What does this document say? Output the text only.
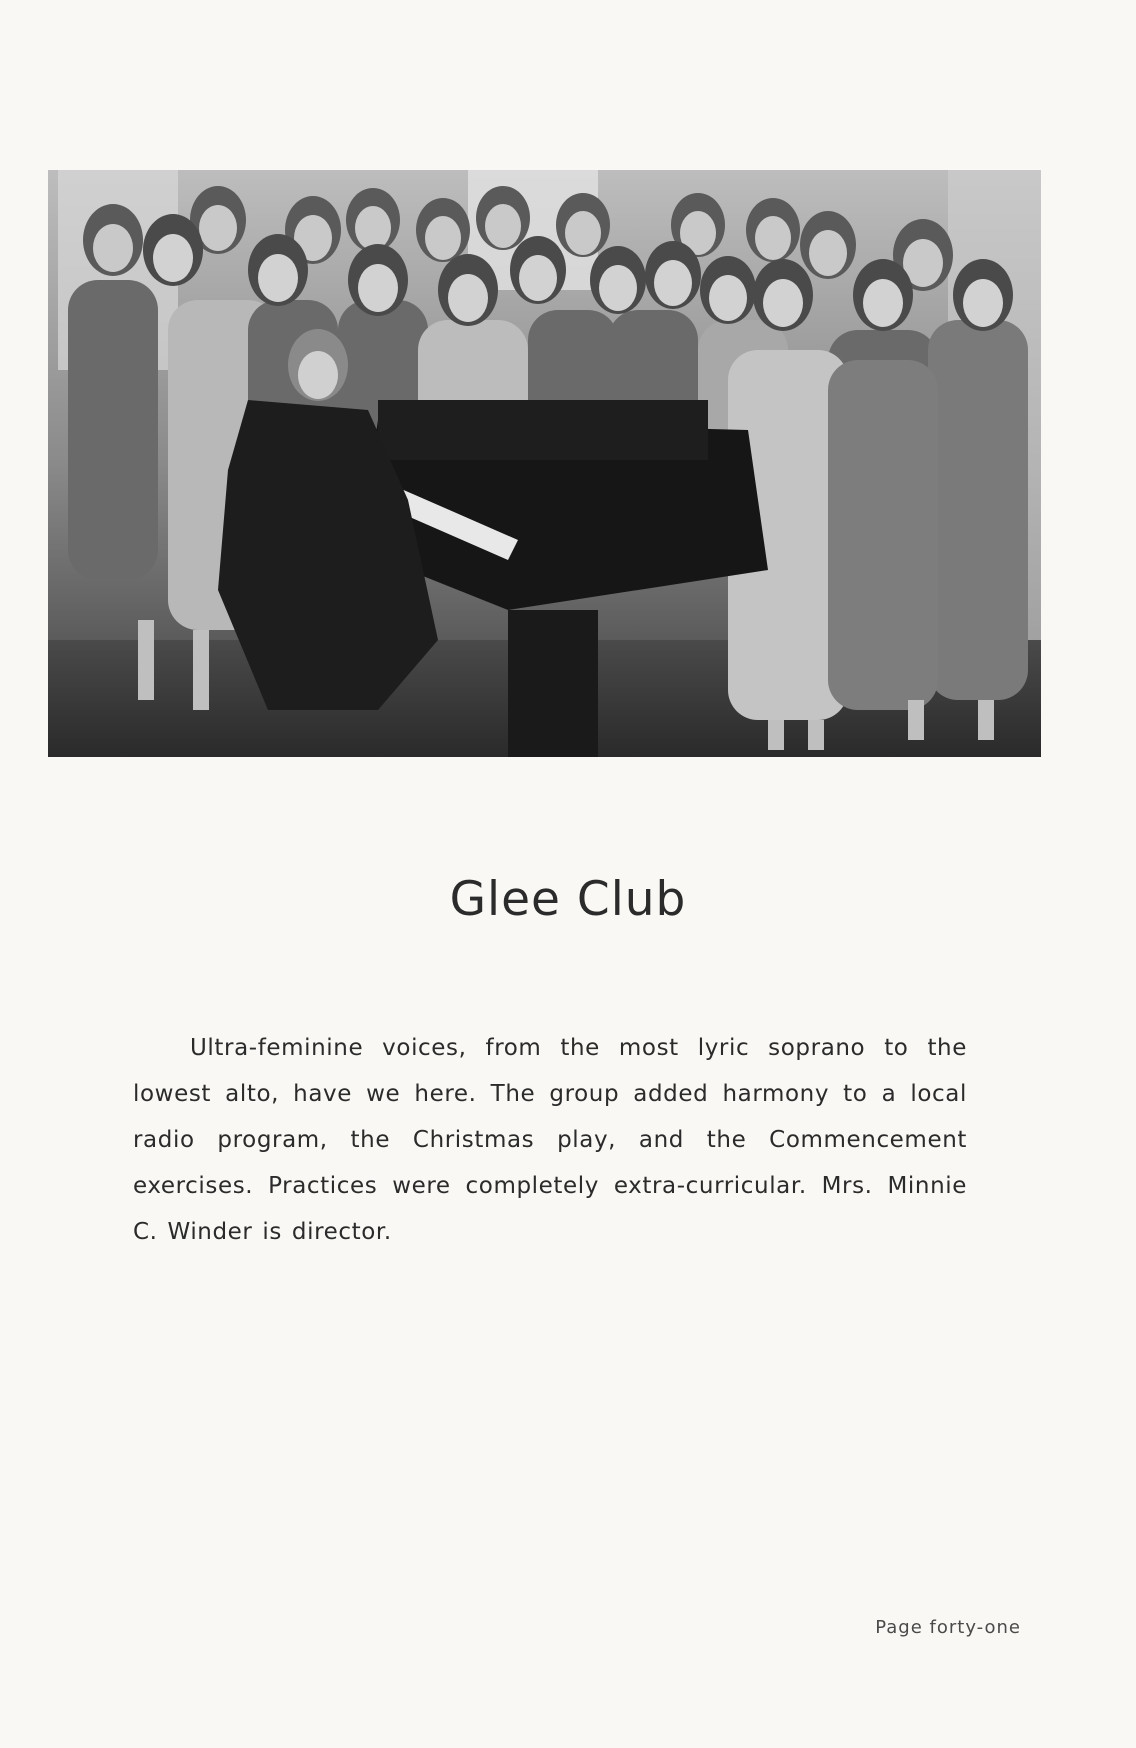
Glee Club

Ultra-feminine voices, from the most lyric soprano to the lowest alto, have we here. The group added harmony to a local radio program, the Christmas play, and the Commencement exercises. Practices were completely extra-curricular. Mrs. Minnie C. Winder is director.

Page forty-one
